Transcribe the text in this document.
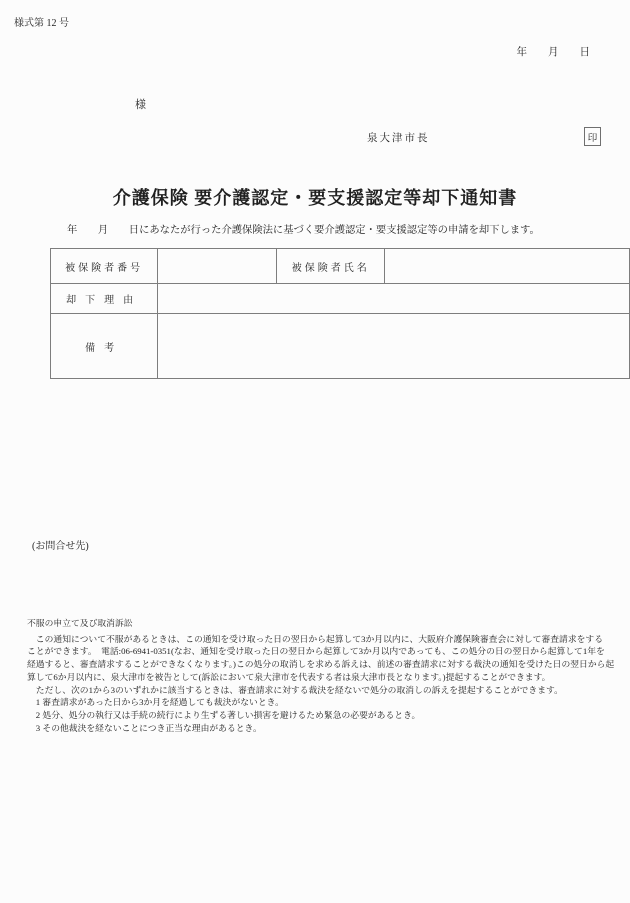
様式第 12 号
年　　月　　日
様
泉大津市長	印
介護保険 要介護認定・要支援認定等却下通知書
年　　月　　日にあなたが行った介護保険法に基づく要介護認定・要支援認定等の申請を却下します。
被保険者番号		被保険者氏名	
却下理由			
備考			
(お問合せ先)
不服の申立て及び取消訴訟
　この通知について不服があるときは、この通知を受け取った日の翌日から起算して3か月以内に、大阪府介護保険審査会に対して審査請求をする
ことができます。　電話:06-6941-0351(なお、通知を受け取った日の翌日から起算して3か月以内であっても、この処分の日の翌日から起算して1年を
経過すると、審査請求することができなくなります。)この処分の取消しを求める訴えは、前述の審査請求に対する裁決の通知を受けた日の翌日から起
算して6か月以内に、泉大津市を被告として(訴訟において泉大津市を代表する者は泉大津市長となります。)提起することができます。
　ただし、次の1から3のいずれかに該当するときは、審査請求に対する裁決を経ないで処分の取消しの訴えを提起することができます。
　1 審査請求があった日から3か月を経過しても裁決がないとき。
　2 処分、処分の執行又は手続の続行により生ずる著しい損害を避けるため緊急の必要があるとき。
　3 その他裁決を経ないことにつき正当な理由があるとき。
